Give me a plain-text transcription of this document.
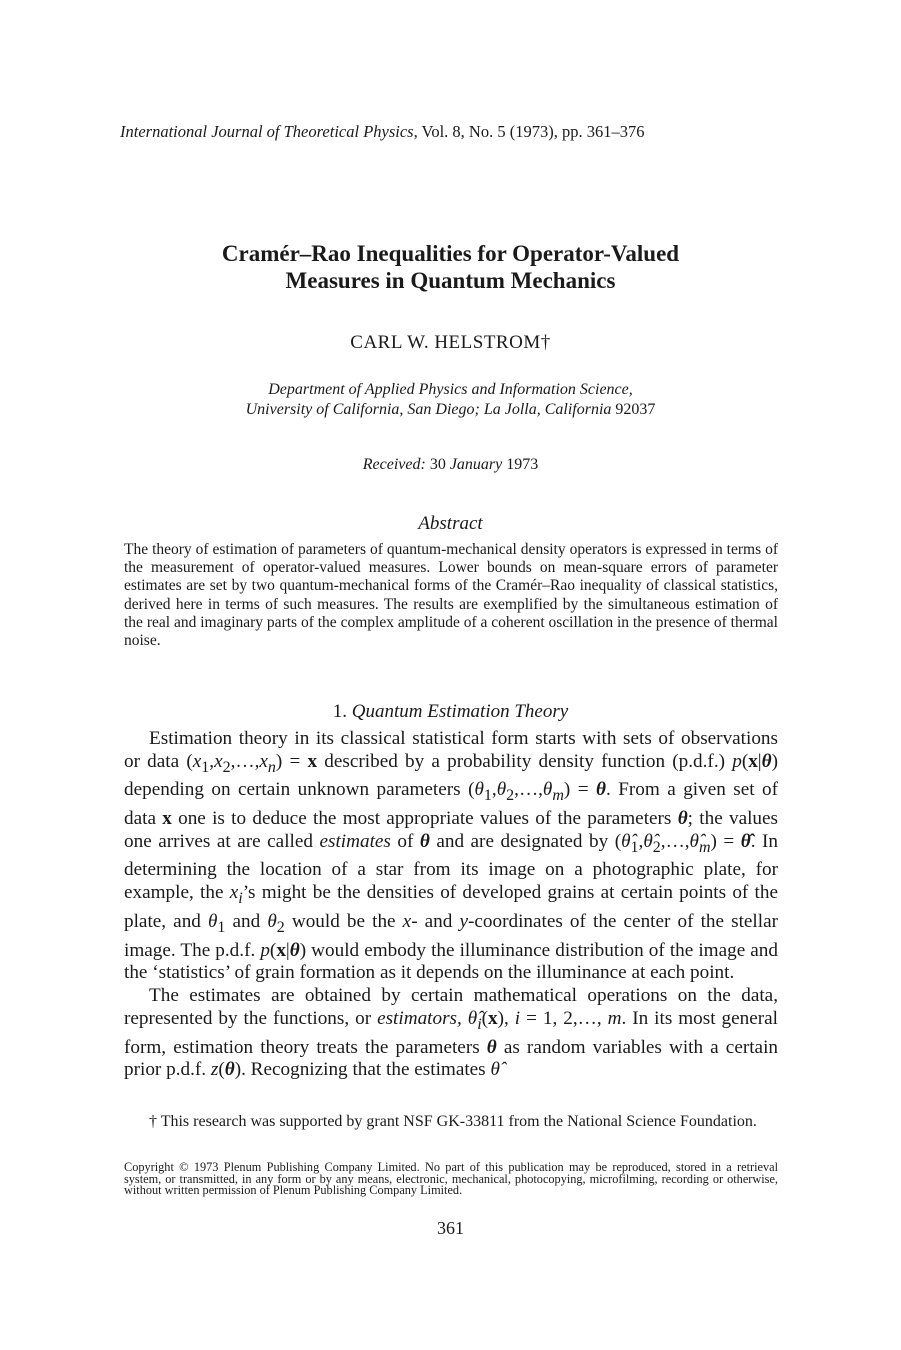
International Journal of Theoretical Physics, Vol. 8, No. 5 (1973), pp. 361–376
Cramér–Rao Inequalities for Operator-Valued
Measures in Quantum Mechanics
CARL W. HELSTROM†
Department of Applied Physics and Information Science,
University of California, San Diego; La Jolla, California 92037
Received: 30 January 1973
Abstract
The theory of estimation of parameters of quantum-mechanical density operators is expressed in terms of the measurement of operator-valued measures. Lower bounds on mean-square errors of parameter estimates are set by two quantum-mechanical forms of the Cramér–Rao inequality of classical statistics, derived here in terms of such measures. The results are exemplified by the simultaneous estimation of the real and imaginary parts of the complex amplitude of a coherent oscillation in the presence of thermal noise.
1. Quantum Estimation Theory

Estimation theory in its classical statistical form starts with sets of observations or data $(x_1,x_2,\dots,x_n) = x$ described by a probability density function (p.d.f.) p(x|θ) depending on certain unknown parameters $(\theta_1,\theta_2,\dots,\theta_m) = \theta$. From a given set of data x one is to deduce the most appropriate values of the parameters θ; the values one arrives at are called estimates of θ and are designated by $(\thetâ_1,\thetâ_2,\dots,\thetâ_m)$ = θ̂. In determining the location of a star from its image on a photographic plate, for example, the $x_i’s$ might be the densities of developed grains at certain points of the plate, and $\theta_1$ and $\theta_2$ would be the x- and y-coordinates of the center of the stellar image. The p.d.f. p(x|θ) would embody the illuminance distribution of the image and the ‘statistics’ of grain formation as it depends on the illuminance at each point.

The estimates are obtained by certain mathematical operations on the data, represented by the functions, or estimators, $\thetâ_i(x)$, i = 1, 2,…, m. In its most general form, estimation theory treats the parameters θ as random variables with a certain prior p.d.f. z(θ). Recognizing that the estimates θ̂

† This research was supported by grant NSF GK-33811 from the National Science Foundation.
Copyright © 1973 Plenum Publishing Company Limited. No part of this publication may be reproduced, stored in a retrieval system, or transmitted, in any form or by any means, electronic, mechanical, photocopying, microfilming, recording or otherwise, without written permission of Plenum Publishing Company Limited.
361
